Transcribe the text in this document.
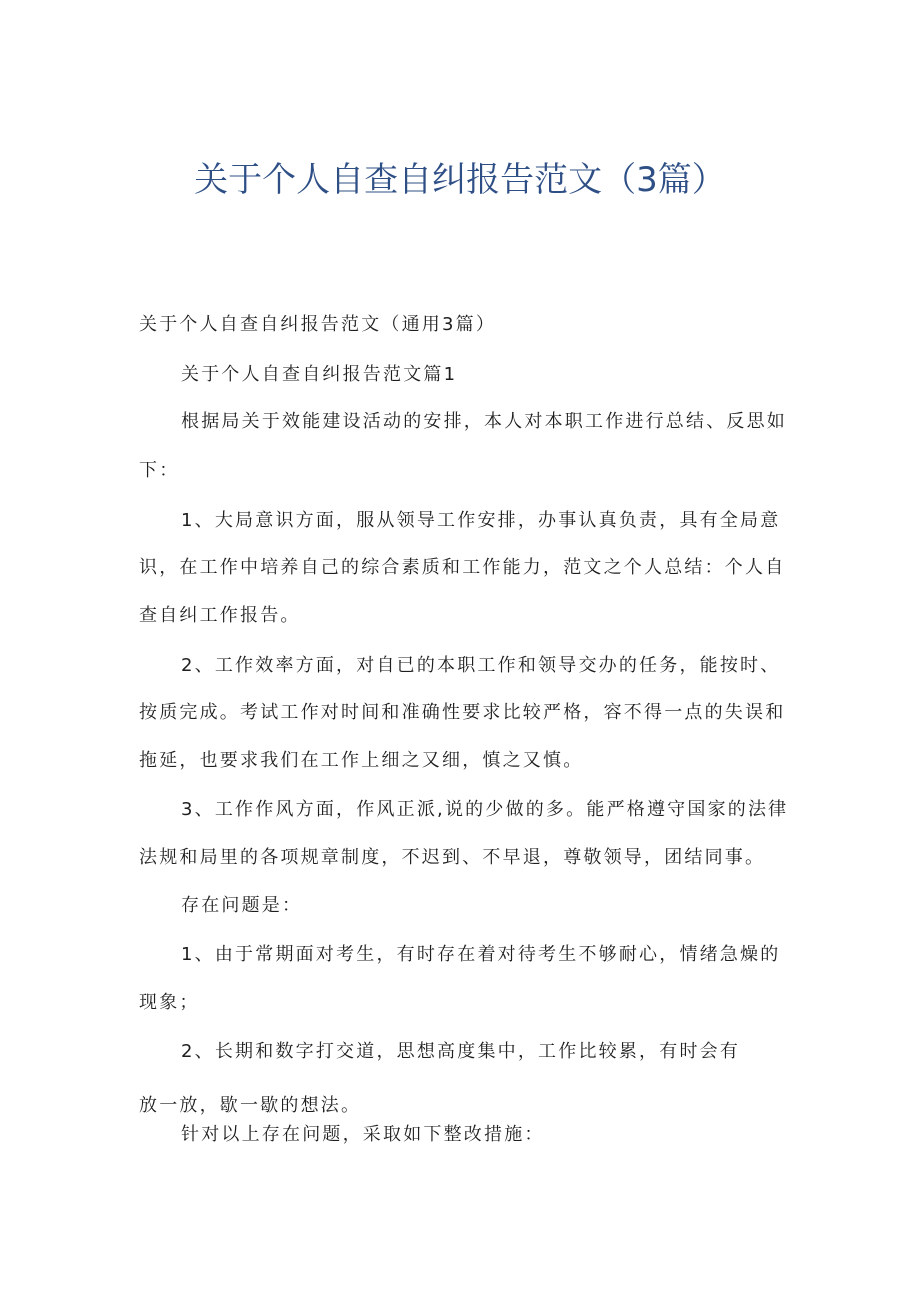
关于个人自查自纠报告范文（3篇）
关于个人自查自纠报告范文（通用3篇）
关于个人自查自纠报告范文篇1
根据局关于效能建设活动的安排，本人对本职工作进行总结、反思如
下：
1、大局意识方面，服从领导工作安排，办事认真负责，具有全局意
识，在工作中培养自己的综合素质和工作能力，范文之个人总结：个人自
查自纠工作报告。
2、工作效率方面，对自已的本职工作和领导交办的任务，能按时、
按质完成。考试工作对时间和准确性要求比较严格，容不得一点的失误和
拖延，也要求我们在工作上细之又细，慎之又慎。
3、工作作风方面，作风正派,说的少做的多。能严格遵守国家的法律
法规和局里的各项规章制度，不迟到、不早退，尊敬领导，团结同事。
存在问题是：
1、由于常期面对考生，有时存在着对待考生不够耐心，情绪急燥的
现象；
2、长期和数字打交道，思想高度集中，工作比较累，有时会有
放一放，歇一歇的想法。
针对以上存在问题，采取如下整改措施：
